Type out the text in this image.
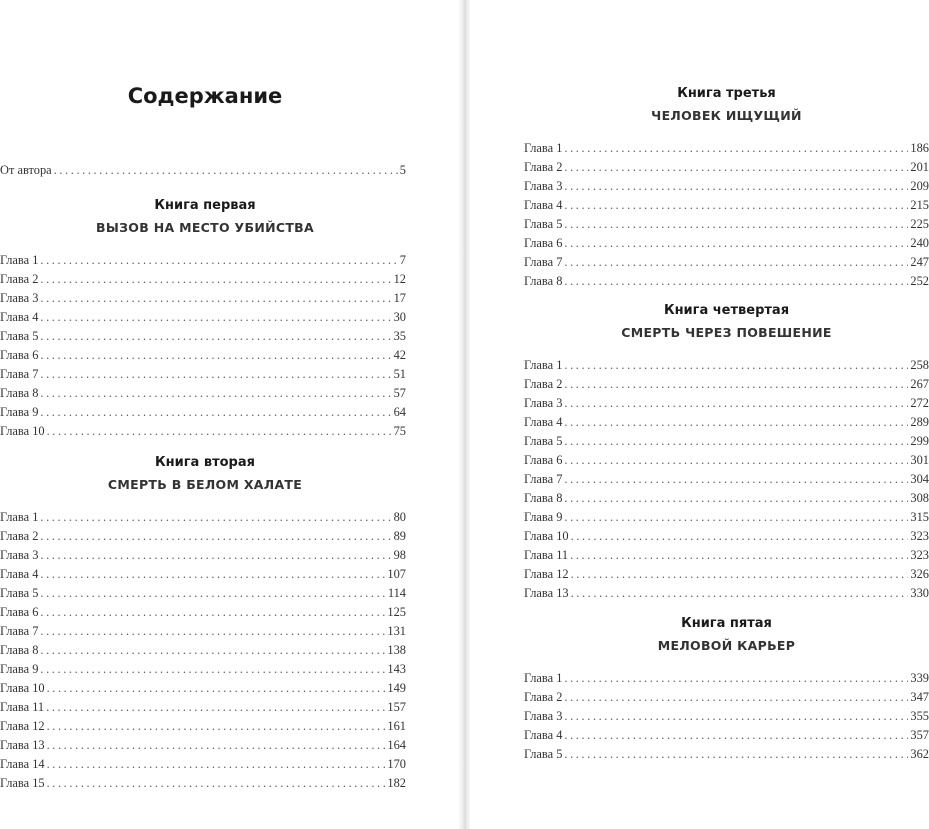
Содержание
От автора .....	5
Книга первая
ВЫЗОВ НА МЕСТО УБИЙСТВА
Глава 1 .....	7
Глава 2 .....	12
Глава 3 .....	17
Глава 4 .....	30
Глава 5 .....	35
Глава 6 .....	42
Глава 7 .....	51
Глава 8 .....	57
Глава 9 .....	64
Глава 10 .....	75
Книга вторая
СМЕРТЬ В БЕЛОМ ХАЛАТЕ
Глава 1 .....	80
Глава 2 .....	89
Глава 3 .....	98
Глава 4 .....	107
Глава 5 .....	114
Глава 6 .....	125
Глава 7 .....	131
Глава 8 .....	138
Глава 9 .....	143
Глава 10 .....	149
Глава 11 .....	157
Глава 12 .....	161
Глава 13 .....	164
Глава 14 .....	170
Глава 15 .....	182
Книга третья
ЧЕЛОВЕК ИЩУЩИЙ
Глава 1 .....	186
Глава 2 .....	201
Глава 3 .....	209
Глава 4 .....	215
Глава 5 .....	225
Глава 6 .....	240
Глава 7 .....	247
Глава 8 .....	252
Книга четвертая
СМЕРТЬ ЧЕРЕЗ ПОВЕШЕНИЕ
Глава 1 .....	258
Глава 2 .....	267
Глава 3 .....	272
Глава 4 .....	289
Глава 5 .....	299
Глава 6 .....	301
Глава 7 .....	304
Глава 8 .....	308
Глава 9 .....	315
Глава 10 .....	323
Глава 11 .....	323
Глава 12 .....	326
Глава 13 .....	330
Книга пятая
МЕЛОВОЙ КАРЬЕР
Глава 1 .....	339
Глава 2 .....	347
Глава 3 .....	355
Глава 4 .....	357
Глава 5 .....	362
